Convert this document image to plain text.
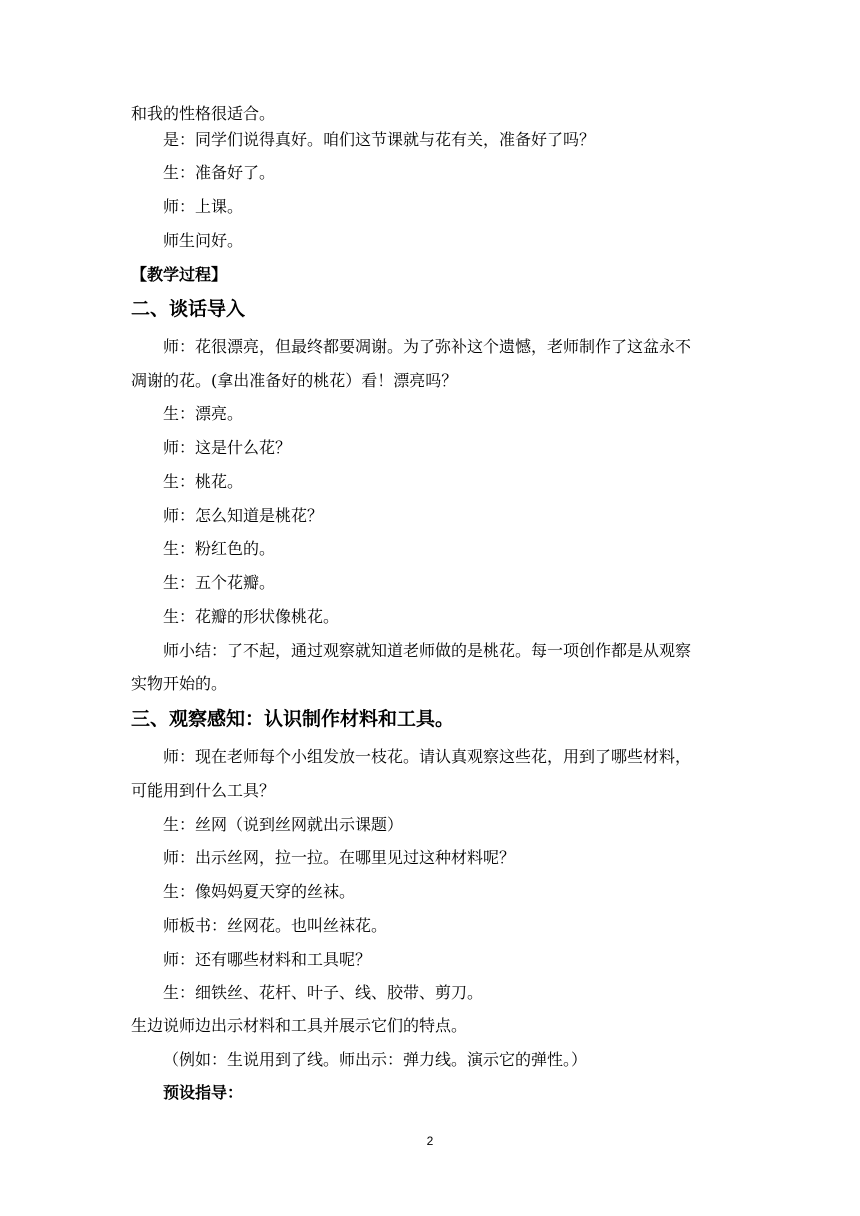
和我的性格很适合。
是：同学们说得真好。咱们这节课就与花有关，准备好了吗？
生：准备好了。
师：上课。
师生问好。
【教学过程】
二、谈话导入
师：花很漂亮，但最终都要凋谢。为了弥补这个遗憾，老师制作了这盆永不
凋谢的花。(拿出准备好的桃花）看！漂亮吗？
生：漂亮。
师：这是什么花？
生：桃花。
师：怎么知道是桃花？
生：粉红色的。
生：五个花瓣。
生：花瓣的形状像桃花。
师小结：了不起，通过观察就知道老师做的是桃花。每一项创作都是从观察
实物开始的。
三、观察感知：认识制作材料和工具。
师：现在老师每个小组发放一枝花。请认真观察这些花，用到了哪些材料，
可能用到什么工具？
生：丝网（说到丝网就出示课题）
师：出示丝网，拉一拉。在哪里见过这种材料呢？
生：像妈妈夏天穿的丝袜。
师板书：丝网花。也叫丝袜花。
师：还有哪些材料和工具呢？
生：细铁丝、花杆、叶子、线、胶带、剪刀。
生边说师边出示材料和工具并展示它们的特点。
（例如：生说用到了线。师出示：弹力线。演示它的弹性。）
预设指导：
2
